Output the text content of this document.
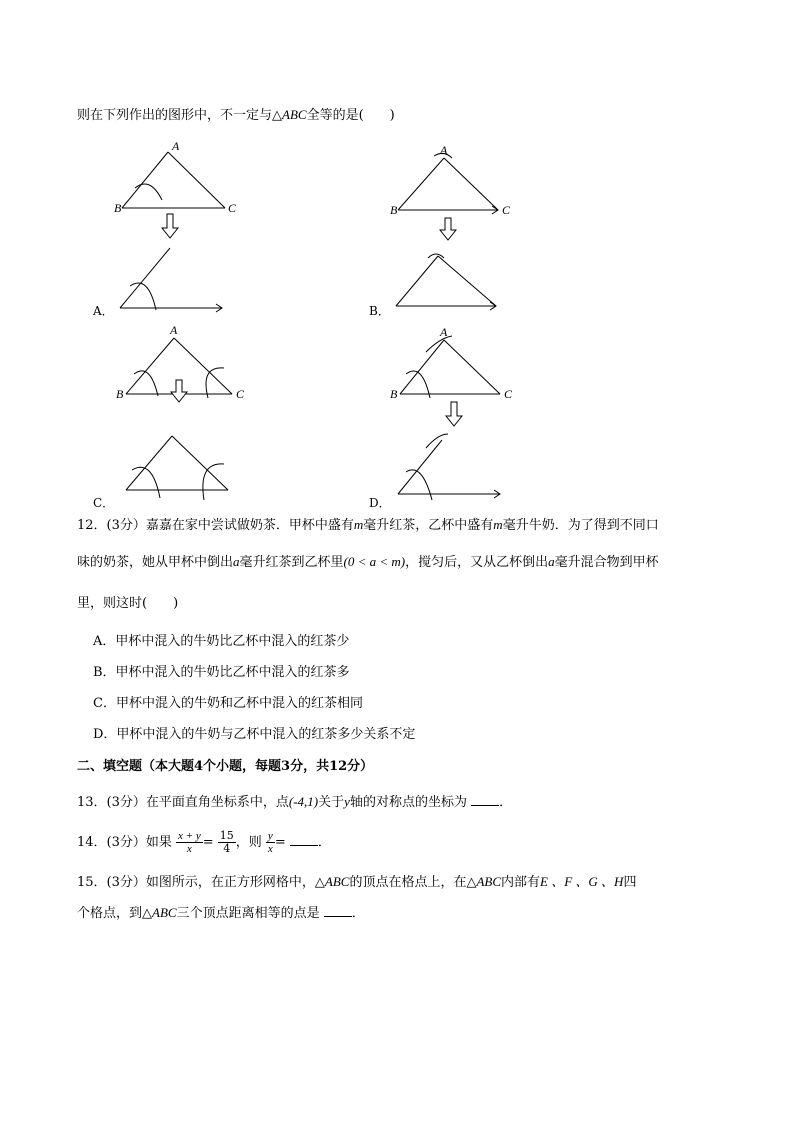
则在下列作出的图形中，不一定与△ABC全等的是(　　)
A
B	C
A．
A
B	C
B．
A
B	C
C．
A
B	C
D．
12．(3分）嘉嘉在家中尝试做奶茶．甲杯中盛有m毫升红茶，乙杯中盛有m毫升牛奶．为了得到不同口
味的奶茶，她从甲杯中倒出a毫升红茶到乙杯里(0 < a < m)，搅匀后，又从乙杯倒出a毫升混合物到甲杯
里，则这时(　　)
A．甲杯中混入的牛奶比乙杯中混入的红茶少
B．甲杯中混入的牛奶比乙杯中混入的红茶多
C．甲杯中混入的牛奶和乙杯中混入的红茶相同
D．甲杯中混入的牛奶与乙杯中混入的红茶多少关系不定
二、填空题（本大题4个小题，每题3分，共12分）
13．(3分）在平面直角坐标系中，点(-4,1)关于y轴的对称点的坐标为 ．
14．(3分）如果 $\frac{x + y}{x} = \frac{15}{4}$ ，则 $\frac{y}{x}$ = ．
15．(3分）如图所示，在正方形网格中，△ABC的顶点在格点上，在△ABC内部有E 、F 、G 、H四
个格点，到△ABC三个顶点距离相等的点是 ．
